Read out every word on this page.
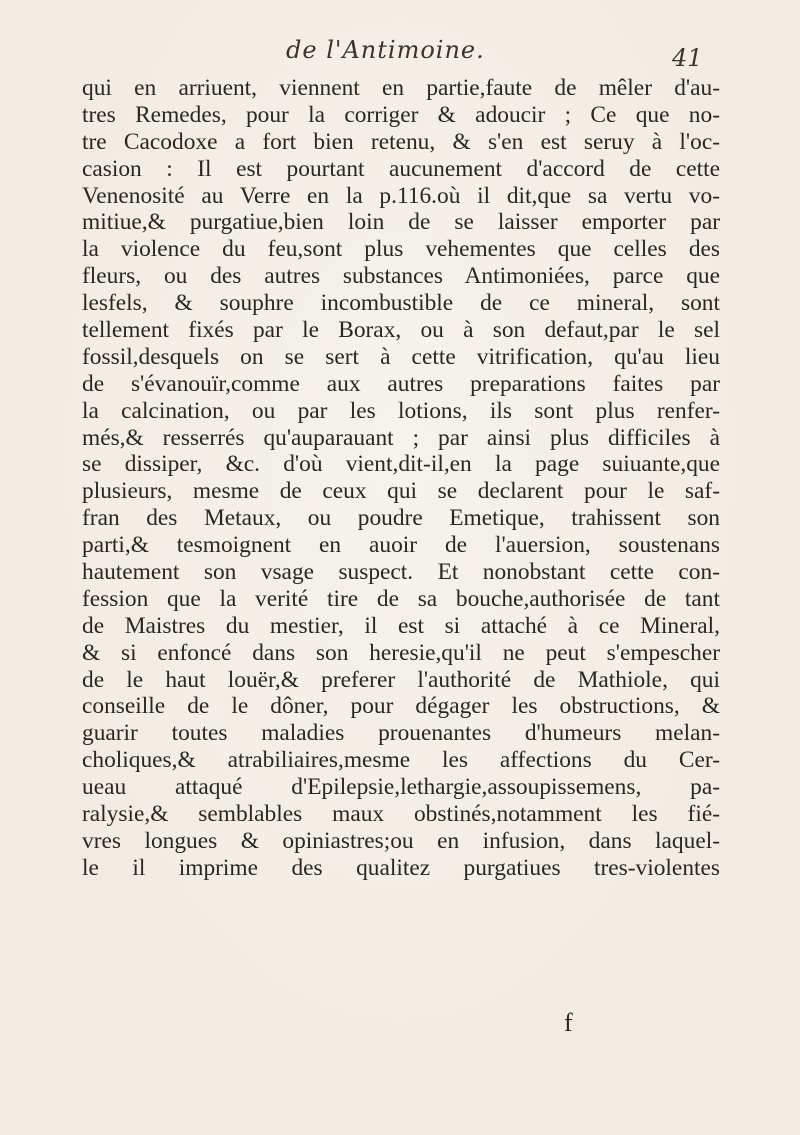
de l'Antimoine.	41
qui en arriuent, viennent en partie,faute de mêler d'au-
tres Remedes, pour la corriger & adoucir ; Ce que no-
tre Cacodoxe a fort bien retenu, & s'en est seruy à l'oc-
casion : Il est pourtant aucunement d'accord de cette
Venenosité au Verre en la p.116.où il dit,que sa vertu vo-
mitiue,& purgatiue,bien loin de se laisser emporter par
la violence du feu,sont plus vehementes que celles des
fleurs, ou des autres substances Antimoniées, parce que
lesfels, & souphre incombustible de ce mineral, sont
tellement fixés par le Borax, ou à son defaut,par le sel
fossil,desquels on se sert à cette vitrification, qu'au lieu
de s'évanouïr,comme aux autres preparations faites par
la calcination, ou par les lotions, ils sont plus renfer-
més,& resserrés qu'auparauant ; par ainsi plus difficiles à
se dissiper, &c. d'où vient,dit-il,en la page suiuante,que
plusieurs, mesme de ceux qui se declarent pour le saf-
fran des Metaux, ou poudre Emetique, trahissent son
parti,& tesmoignent en auoir de l'auersion, soustenans
hautement son vsage suspect. Et nonobstant cette con-
fession que la verité tire de sa bouche,authorisée de tant
de Maistres du mestier, il est si attaché à ce Mineral,
& si enfoncé dans son heresie,qu'il ne peut s'empescher
de le haut louër,& preferer l'authorité de Mathiole, qui
conseille de le dôner, pour dégager les obstructions, &
guarir toutes maladies prouenantes d'humeurs melan-
choliques,& atrabiliaires,mesme les affections du Cer-
ueau attaqué d'Epilepsie,lethargie,assoupissemens, pa-
ralysie,& semblables maux obstinés,notamment les fié-
vres longues & opiniastres;ou en infusion, dans laquel-
le il imprime des qualitez purgatiues tres-violentes
f
